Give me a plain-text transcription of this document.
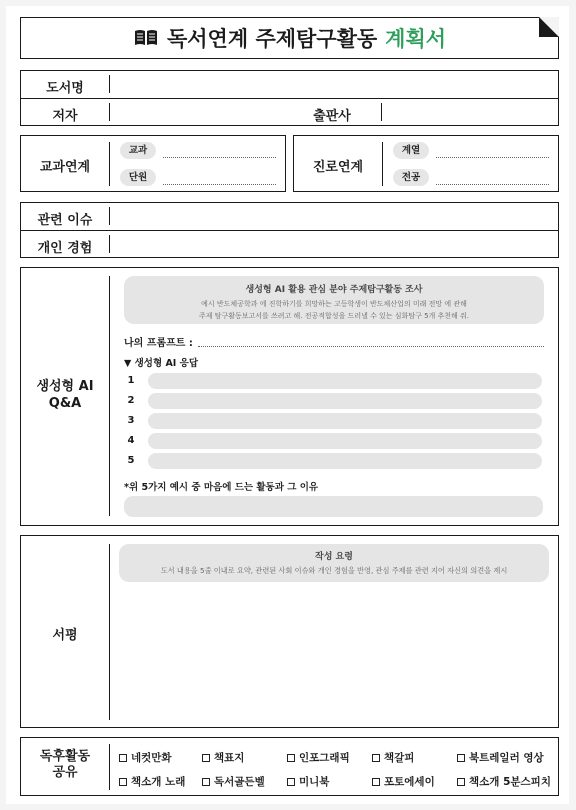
독서연계 주제탐구활동 계획서
도서명
저자	출판사
교과연계
교과
단원
진로연계
계열
전공
관련 이슈
개인 경험
생성형 AI
Q&A
생성형 AI 활용 관심 분야 주제탐구활동 조사
예시 반도체공학과 에 진학하기를 희망하는 고등학생이 반도체산업의 미래 전망 에 관해
주제 탐구활동보고서를 쓰려고 해. 전공적합성을 드러낼 수 있는 심화탐구 5개 추천해 줘.
나의 프롬프트 :
▼ 생성형 AI 응답
1
2
3
4
5
*위 5가지 예시 중 마음에 드는 활동과 그 이유
서평
작성 요령
도서 내용을 5줄 이내로 요약, 관련된 사회 이슈와 개인 경험을 반영, 관심 주제를 관련 지어 자신의 의견을 제시
독후활동
공유
네컷만화	책표지	인포그래픽	책갈피	북트레일러 영상
책소개 노래	독서골든벨	미니북	포토에세이	책소개 5분스피치
